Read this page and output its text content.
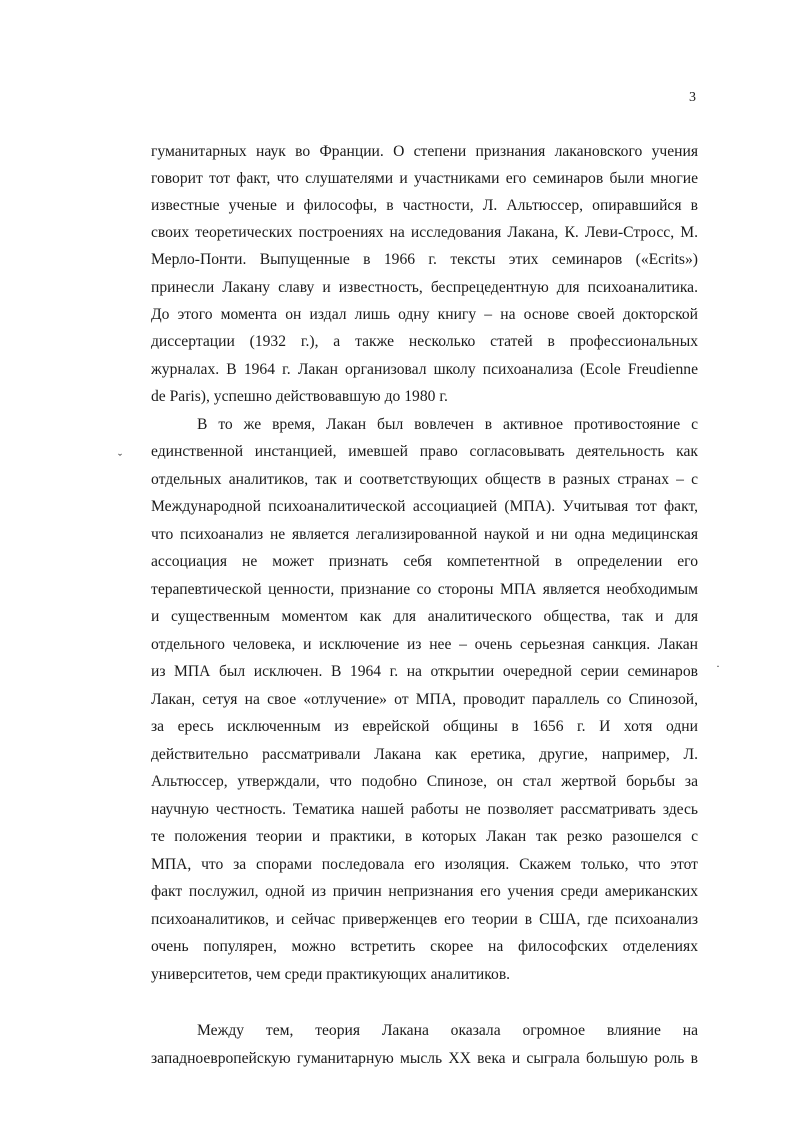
3
ˇ
·
гуманитарных наук во Франции. О степени признания лакановского учения
говорит тот факт, что слушателями и участниками его семинаров были многие
известные ученые и философы, в частности, Л. Альтюссер, опиравшийся в
своих теоретических построениях на исследования Лакана, К. Леви-Стросс, М.
Мерло-Понти. Выпущенные в 1966 г. тексты этих семинаров («Ecrits»)
принесли Лакану славу и известность, беспрецедентную для психоаналитика.
До этого момента он издал лишь одну книгу – на основе своей докторской
диссертации (1932 г.), а также несколько статей в профессиональных
журналах. В 1964 г. Лакан организовал школу психоанализа (Ecole Freudienne
de Paris), успешно действовавшую до 1980 г.
В то же время, Лакан был вовлечен в активное противостояние с
единственной инстанцией, имевшей право согласовывать деятельность как
отдельных аналитиков, так и соответствующих обществ в разных странах – с
Международной психоаналитической ассоциацией (МПА). Учитывая тот факт,
что психоанализ не является легализированной наукой и ни одна медицинская
ассоциация не может признать себя компетентной в определении его
терапевтической ценности, признание со стороны МПА является необходимым
и существенным моментом как для аналитического общества, так и для
отдельного человека, и исключение из нее – очень серьезная санкция. Лакан
из МПА был исключен. В 1964 г. на открытии очередной серии семинаров
Лакан, сетуя на свое «отлучение» от МПА, проводит параллель со Спинозой,
за ересь исключенным из еврейской общины в 1656 г. И хотя одни
действительно рассматривали Лакана как еретика, другие, например, Л.
Альтюссер, утверждали, что подобно Спинозе, он стал жертвой борьбы за
научную честность. Тематика нашей работы не позволяет рассматривать здесь
те положения теории и практики, в которых Лакан так резко разошелся с
МПА, что за спорами последовала его изоляция. Скажем только, что этот
факт послужил, одной из причин непризнания его учения среди американских
психоаналитиков, и сейчас приверженцев его теории в США, где психоанализ
очень популярен, можно встретить скорее на философских отделениях
университетов, чем среди практикующих аналитиков.
Между тем, теория Лакана оказала огромное влияние на
западноевропейскую гуманитарную мысль XX века и сыграла большую роль в
